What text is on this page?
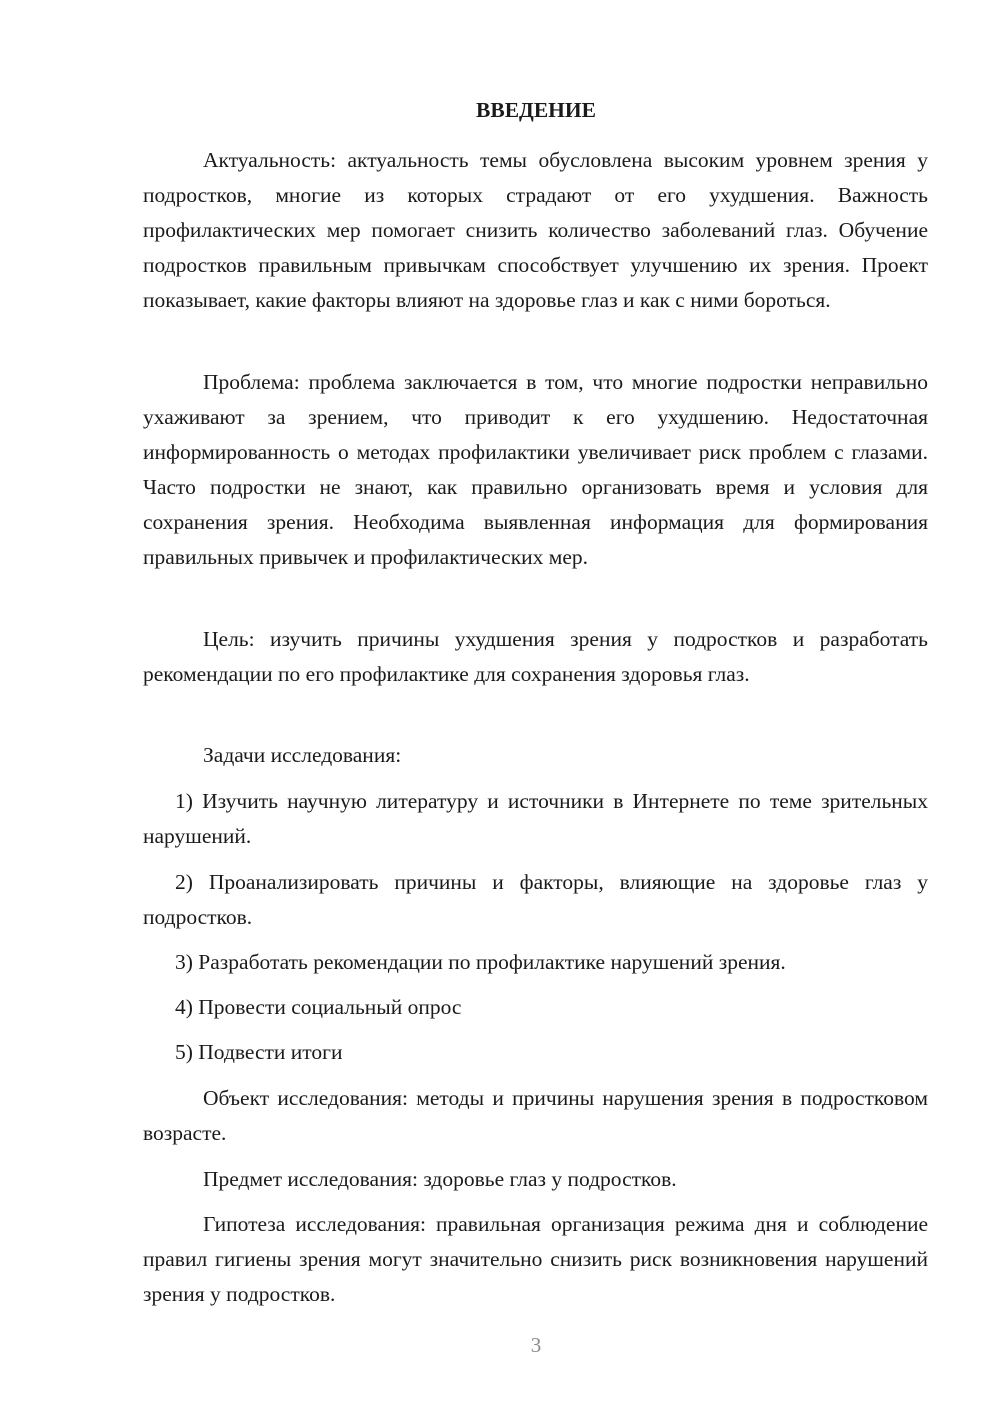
ВВЕДЕНИЕ

Актуальность: актуальность темы обусловлена высоким уровнем зрения у подростков, многие из которых страдают от его ухудшения. Важность профилактических мер помогает снизить количество заболеваний глаз. Обучение подростков правильным привычкам способствует улучшению их зрения. Проект показывает, какие факторы влияют на здоровье глаз и как с ними бороться.

Проблема: проблема заключается в том, что многие подростки неправильно ухаживают за зрением, что приводит к его ухудшению. Недостаточная информированность о методах профилактики увеличивает риск проблем с глазами. Часто подростки не знают, как правильно организовать время и условия для сохранения зрения. Необходима выявленная информация для формирования правильных привычек и профилактических мер.

Цель: изучить причины ухудшения зрения у подростков и разработать рекомендации по его профилактике для сохранения здоровья глаз.

Задачи исследования:

1) Изучить научную литературу и источники в Интернете по теме зрительных нарушений.

2) Проанализировать причины и факторы, влияющие на здоровье глаз у подростков.

3) Разработать рекомендации по профилактике нарушений зрения.

4) Провести социальный опрос

5) Подвести итоги

Объект исследования: методы и причины нарушения зрения в подростковом возрасте.

Предмет исследования: здоровье глаз у подростков.

Гипотеза исследования: правильная организация режима дня и соблюдение правил гигиены зрения могут значительно снизить риск возникновения нарушений зрения у подростков.

3
